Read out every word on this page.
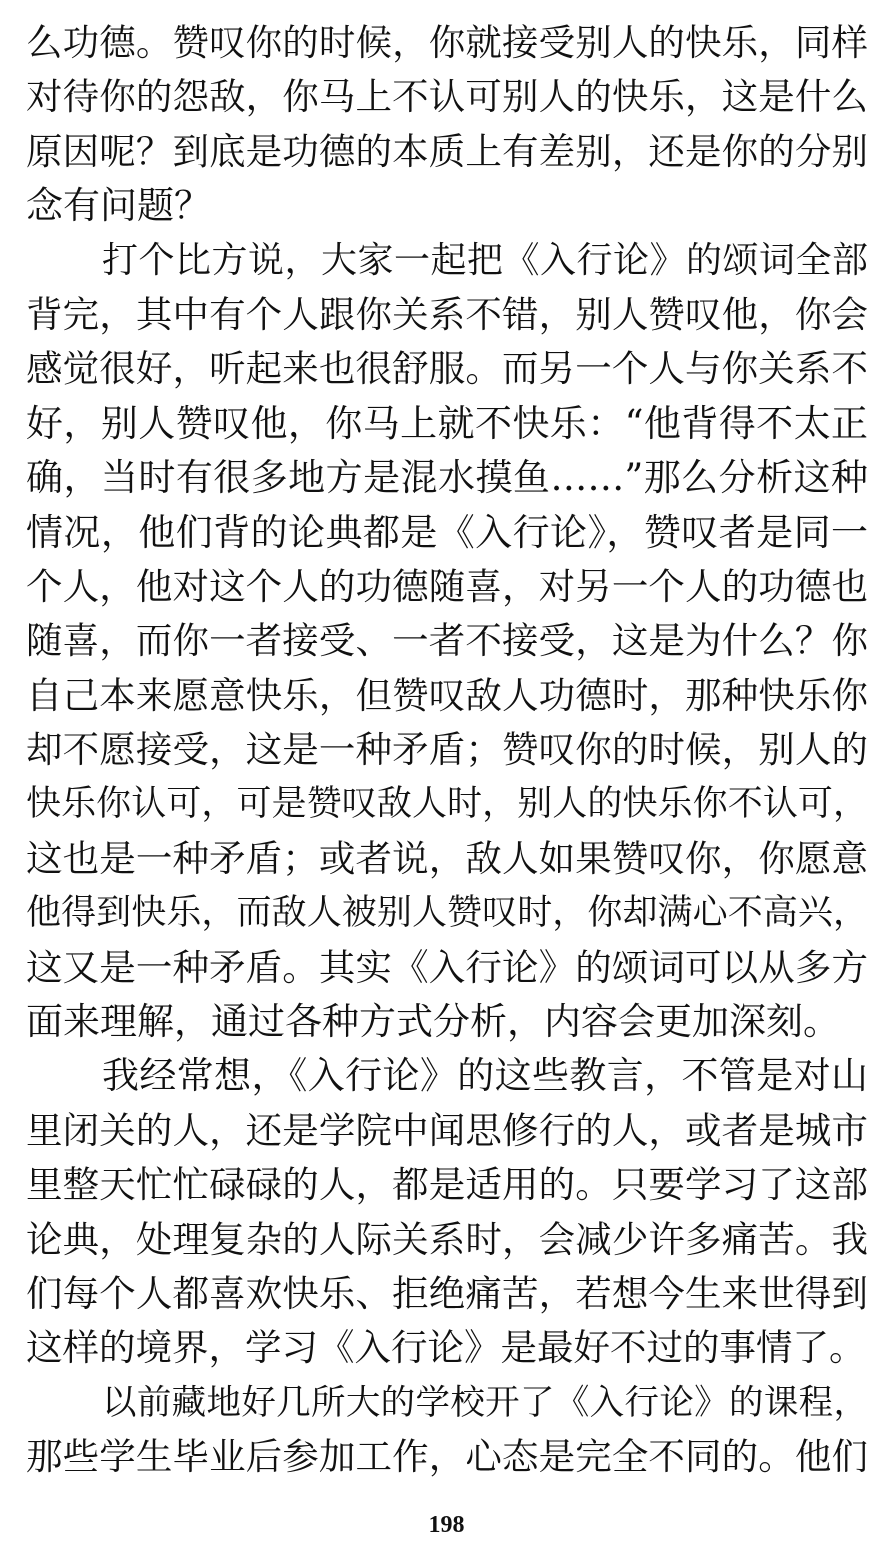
么功德。赞叹你的时候，你就接受别人的快乐，同样
对待你的怨敌，你马上不认可别人的快乐，这是什么
原因呢？到底是功德的本质上有差别，还是你的分别
念有问题？
打个比方说，大家一起把《入行论》的颂词全部
背完，其中有个人跟你关系不错，别人赞叹他，你会
感觉很好，听起来也很舒服。而另一个人与你关系不
好，别人赞叹他，你马上就不快乐：“他背得不太正
确，当时有很多地方是混水摸鱼……”那么分析这种
情况，他们背的论典都是《入行论》，赞叹者是同一
个人，他对这个人的功德随喜，对另一个人的功德也
随喜，而你一者接受、一者不接受，这是为什么？你
自己本来愿意快乐，但赞叹敌人功德时，那种快乐你
却不愿接受，这是一种矛盾；赞叹你的时候，别人的
快乐你认可，可是赞叹敌人时，别人的快乐你不认可，
这也是一种矛盾；或者说，敌人如果赞叹你，你愿意
他得到快乐，而敌人被别人赞叹时，你却满心不高兴，
这又是一种矛盾。其实《入行论》的颂词可以从多方
面来理解，通过各种方式分析，内容会更加深刻。
我经常想，《入行论》的这些教言，不管是对山
里闭关的人，还是学院中闻思修行的人，或者是城市
里整天忙忙碌碌的人，都是适用的。只要学习了这部
论典，处理复杂的人际关系时，会减少许多痛苦。我
们每个人都喜欢快乐、拒绝痛苦，若想今生来世得到
这样的境界，学习《入行论》是最好不过的事情了。
以前藏地好几所大的学校开了《入行论》的课程，
那些学生毕业后参加工作，心态是完全不同的。他们
198
